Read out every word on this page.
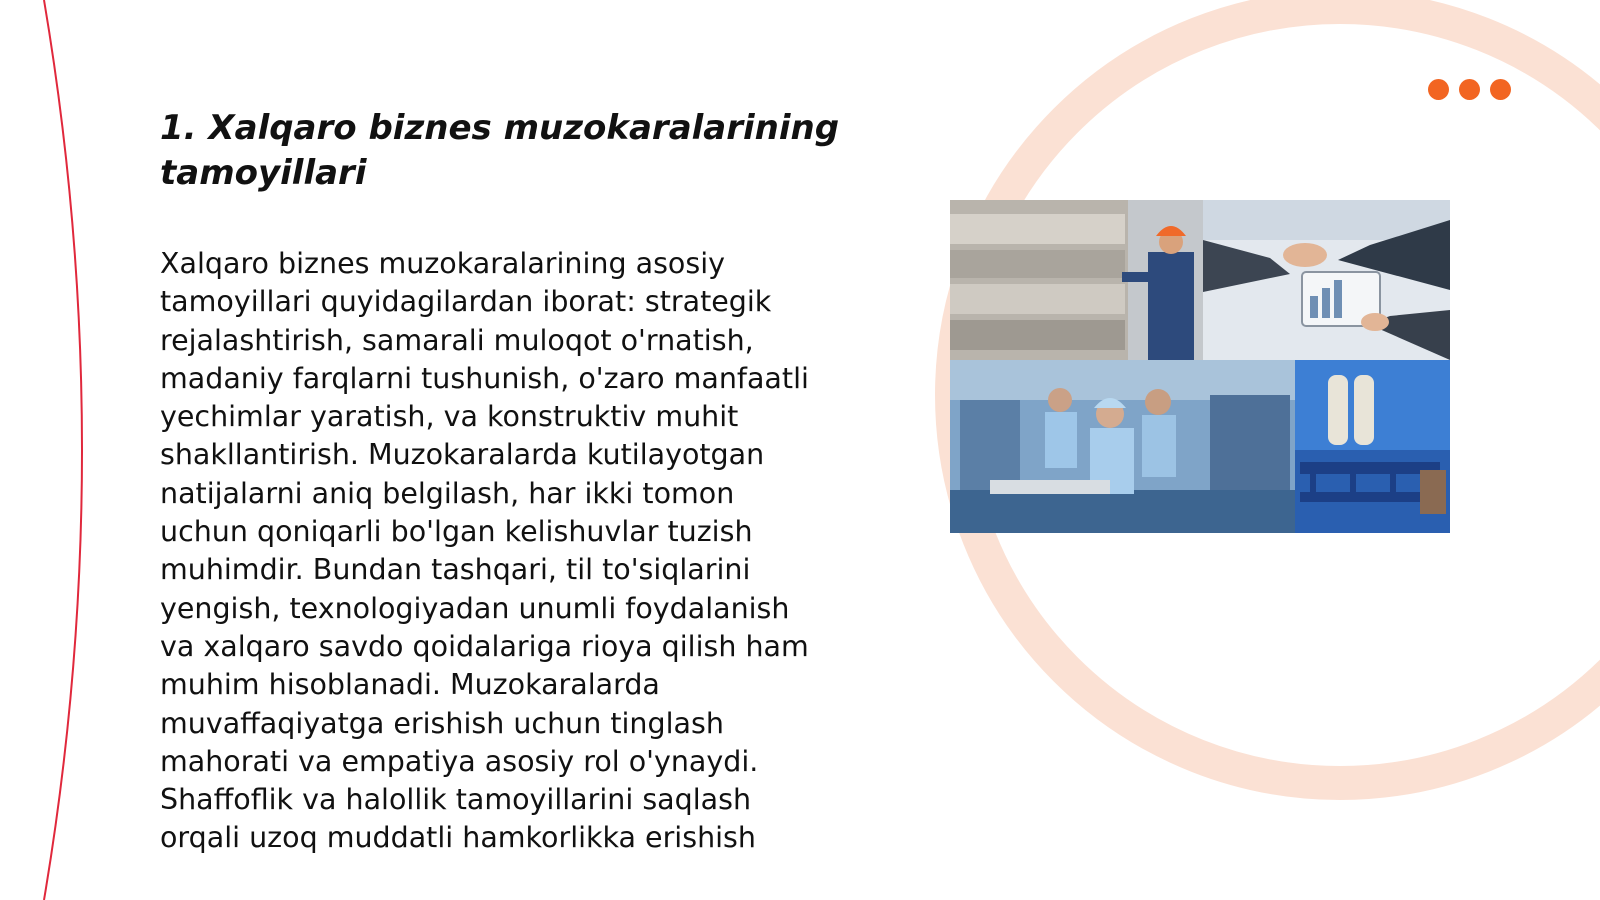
1. Xalqaro biznes muzokaralarining tamoyillari

Xalqaro biznes muzokaralarining asosiy tamoyillari quyidagilardan iborat: strategik rejalashtirish, samarali muloqot o'rnatish, madaniy farqlarni tushunish, o'zaro manfaatli yechimlar yaratish, va konstruktiv muhit shakllantirish. Muzokaralarda kutilayotgan natijalarni aniq belgilash, har ikki tomon uchun qoniqarli bo'lgan kelishuvlar tuzish muhimdir. Bundan tashqari, til to'siqlarini yengish, texnologiyadan unumli foydalanish va xalqaro savdo qoidalariga rioya qilish ham muhim hisoblanadi. Muzokaralarda muvaffaqiyatga erishish uchun tinglash mahorati va empatiya asosiy rol o'ynaydi. Shaffoflik va halollik tamoyillarini saqlash orqali uzoq muddatli hamkorlikka erishish
